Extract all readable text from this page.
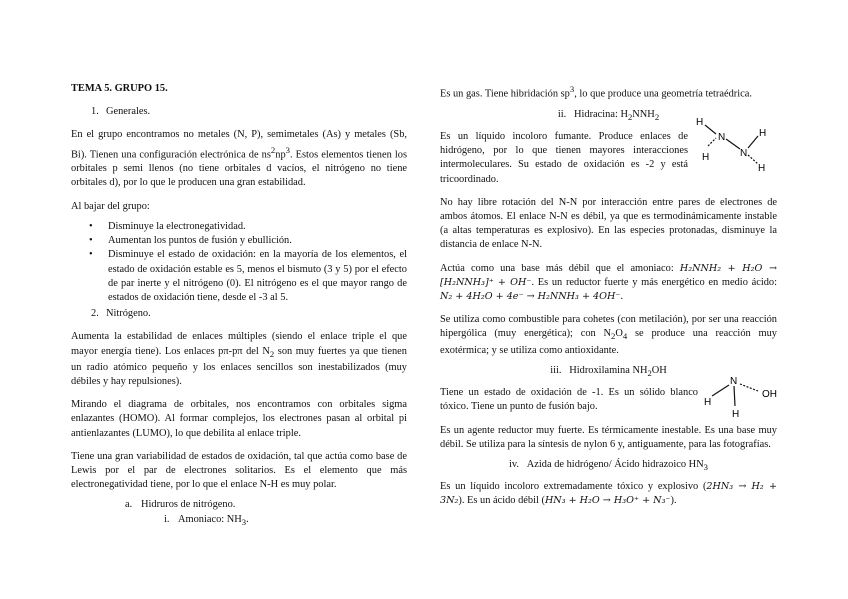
TEMA 5. GRUPO 15.

1. Generales.

En el grupo encontramos no metales (N, P), semimetales (As) y metales (Sb, Bi). Tienen una configuración electrónica de $ns^2np^3$. Estos elementos tienen los orbitales p semi llenos (no tiene orbitales d vacíos, el nitrógeno no tiene orbitales d), por lo que le producen una gran estabilidad.

Al bajar del grupo:

• Disminuye la electronegatividad.
• Aumentan los puntos de fusión y ebullición.
• Disminuye el estado de oxidación: en la mayoría de los elementos, el estado de oxidación estable es 5, menos el bismuto (3 y 5) por el efecto de par inerte y el nitrógeno (0). El nitrógeno es el que mayor rango de estados de oxidación tiene, desde el -3 al 5.

2. Nitrógeno.

Aumenta la estabilidad de enlaces múltiples (siendo el enlace triple el que mayor energía tiene). Los enlaces pπ-pπ del $N_2$ son muy fuertes ya que tienen un radio atómico pequeño y los enlaces sencillos son inestabilizados (muy débiles y hay repulsiones).

Mirando el diagrama de orbitales, nos encontramos con orbitales sigma enlazantes (HOMO). Al formar complejos, los electrones pasan al orbital pi antienlazantes (LUMO), lo que debilita al enlace triple.

Tiene una gran variabilidad de estados de oxidación, tal que actúa como base de Lewis por el par de electrones solitarios. Es el elemento que más electronegatividad tiene, por lo que el enlace N-H es muy polar.

a. Hidruros de nitrógeno.
i. Amoniaco: $NH_3$.

Es un gas. Tiene hibridación $sp^3$, lo que produce una geometría tetraédrica.

ii. Hidracina: $H_2NNH_2$

Es un líquido incoloro fumante. Produce enlaces de hidrógeno, por lo que tienen mayores interacciones intermoleculares. Su estado de oxidación es -2 y está tricoordinado.

No hay libre rotación del N-N por interacción entre pares de electrones de ambos átomos. El enlace N-N es débil, ya que es termodinámicamente instable (a altas temperaturas es explosivo). En las especies protonadas, disminuye la distancia de enlace N-N.

Actúa como una base más débil que el amoniaco: H₂NNH₂ + H₂O → [H₂NNH₃]⁺ + OH⁻. Es un reductor fuerte y más energético en medio ácido: N₂ + 4H₂O + 4e⁻ → H₂NNH₃ + 4OH⁻.

Se utiliza como combustible para cohetes (con metilación), por ser una reacción hipergólica (muy energética); con $N_2O_4$ se produce una reacción muy exotérmica; y se utiliza como antioxidante.

iii. Hidroxilamina $NH_2OH$

Tiene un estado de oxidación de -1. Es un sólido blanco tóxico. Tiene un punto de fusión bajo.

Es un agente reductor muy fuerte. Es térmicamente inestable. Es una base muy débil. Se utiliza para la síntesis de nylon 6 y, antiguamente, para las fotografías.

iv. Azida de hidrógeno/ Ácido hidrazoico $HN_3$

Es un líquido incoloro extremadamente tóxico y explosivo (2HN₃ → H₂ + 3N₂). Es un ácido débil (HN₃ + H₂O → H₃O⁺ + N₃⁻).

H
N
H	N
H
H
N
OH
H
H
